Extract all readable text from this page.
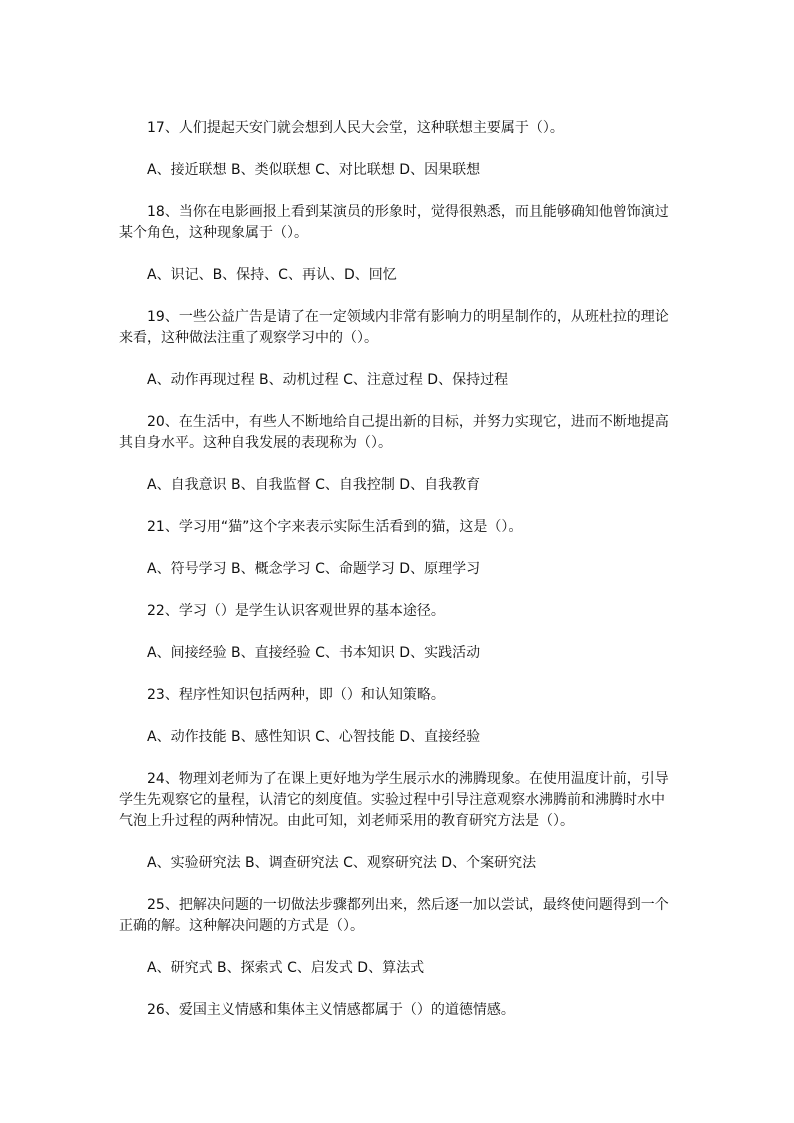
17、人们提起天安门就会想到人民大会堂，这种联想主要属于（）。

A、接近联想 B、类似联想 C、对比联想 D、因果联想

18、当你在电影画报上看到某演员的形象时，觉得很熟悉，而且能够确知他曾饰演过
某个角色，这种现象属于（）。

A、识记、B、保持、C、再认、D、回忆

19、一些公益广告是请了在一定领域内非常有影响力的明星制作的，从班杜拉的理论
来看，这种做法注重了观察学习中的（）。

A、动作再现过程 B、动机过程 C、注意过程 D、保持过程

20、在生活中，有些人不断地给自己提出新的目标，并努力实现它，进而不断地提高
其自身水平。这种自我发展的表现称为（）。

A、自我意识 B、自我监督 C、自我控制 D、自我教育

21、学习用“猫”这个字来表示实际生活看到的猫，这是（）。

A、符号学习 B、概念学习 C、命题学习 D、原理学习

22、学习（）是学生认识客观世界的基本途径。

A、间接经验 B、直接经验 C、书本知识 D、实践活动

23、程序性知识包括两种，即（）和认知策略。

A、动作技能 B、感性知识 C、心智技能 D、直接经验

24、物理刘老师为了在课上更好地为学生展示水的沸腾现象。在使用温度计前，引导
学生先观察它的量程，认清它的刻度值。实验过程中引导注意观察水沸腾前和沸腾时水中
气泡上升过程的两种情况。由此可知，刘老师采用的教育研究方法是（）。

A、实验研究法 B、调查研究法 C、观察研究法 D、个案研究法

25、把解决问题的一切做法步骤都列出来，然后逐一加以尝试，最终使问题得到一个
正确的解。这种解决问题的方式是（）。

A、研究式 B、探索式 C、启发式 D、算法式

26、爱国主义情感和集体主义情感都属于（）的道德情感。
